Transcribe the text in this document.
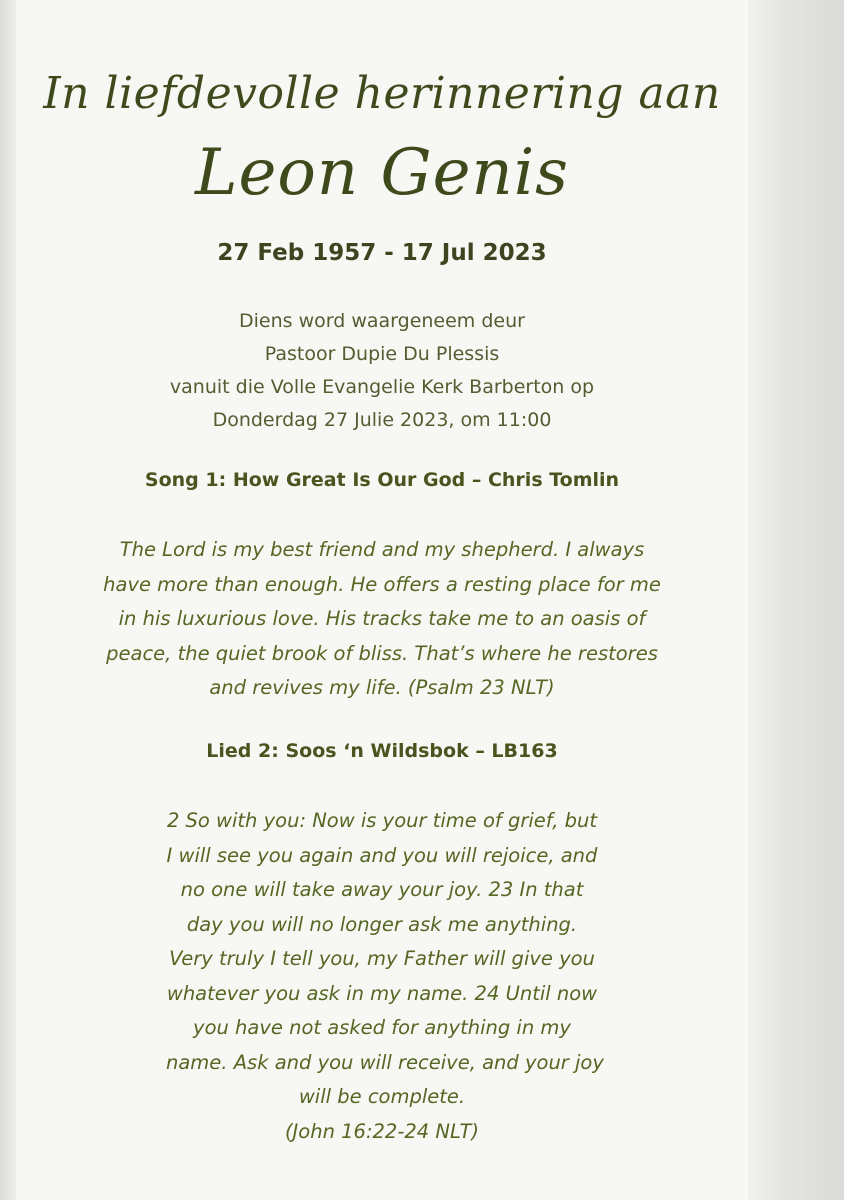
In liefdevolle herinnering aan
Leon Genis
27 Feb 1957 - 17 Jul 2023
Diens word waargeneem deur
Pastoor Dupie Du Plessis
vanuit die Volle Evangelie Kerk Barberton op
Donderdag 27 Julie 2023, om 11:00
Song 1: How Great Is Our God – Chris Tomlin
The Lord is my best friend and my shepherd. I always
have more than enough. He offers a resting place for me
in his luxurious love. His tracks take me to an oasis of
peace, the quiet brook of bliss. That’s where he restores
and revives my life. (Psalm 23 NLT)
Lied 2: Soos ‘n Wildsbok – LB163
2 So with you: Now is your time of grief, but
I will see you again and you will rejoice, and
no one will take away your joy. 23 In that
day you will no longer ask me anything.
Very truly I tell you, my Father will give you
whatever you ask in my name. 24 Until now
you have not asked for anything in my
name. Ask and you will receive, and your joy
will be complete.
(John 16:22-24 NLT)
